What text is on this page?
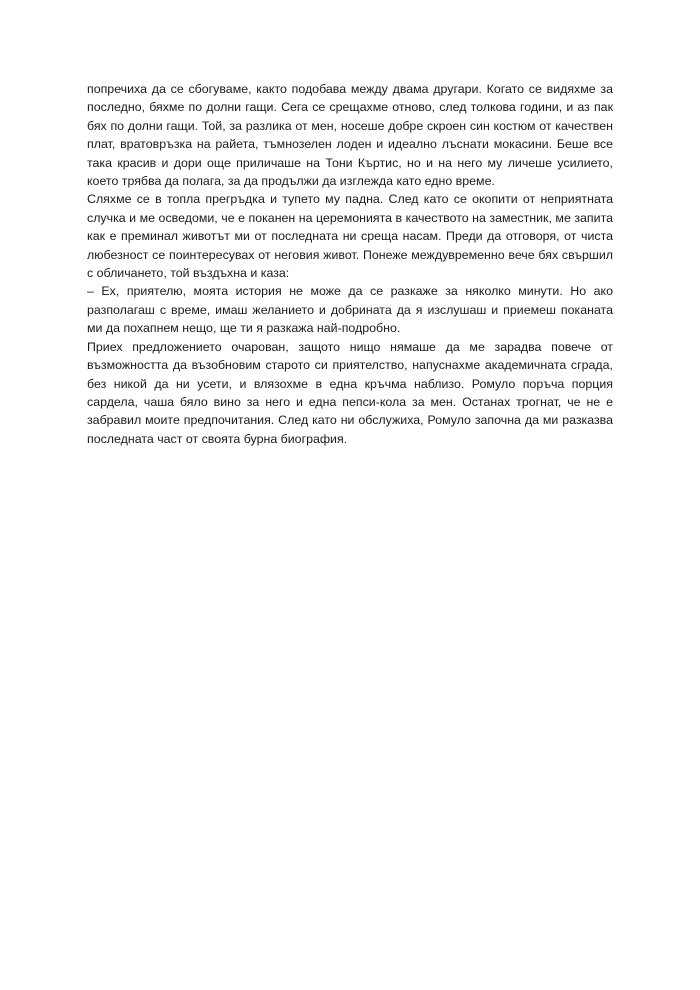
попречиха да се сбогуваме, както подобава между двама другари. Когато се видяхме за последно, бяхме по долни гащи. Сега се срещахме отново, след толкова години, и аз пак бях по долни гащи. Той, за разлика от мен, носеше добре скроен син костюм от качествен плат, вратовръзка на райета, тъмнозелен лоден и идеално лъснати мокасини. Беше все така красив и дори още приличаше на Тони Къртис, но и на него му личеше усилието, което трябва да полага, за да продължи да изглежда като едно време.

Сляхме се в топла прегръдка и тупето му падна. След като се окопити от неприятната случка и ме осведоми, че е поканен на церемонията в качеството на заместник, ме запита как е преминал животът ми от последната ни среща насам. Преди да отговоря, от чиста любезност се поинтересувах от неговия живот. Понеже междувременно вече бях свършил с обличането, той въздъхна и каза:

– Ех, приятелю, моята история не може да се разкаже за няколко минути. Но ако разполагаш с време, имаш желанието и добрината да я изслушаш и приемеш поканата ми да похапнем нещо, ще ти я разкажа най-подробно.

Приех предложението очарован, защото нищо нямаше да ме зарадва повече от възможността да възобновим старото си приятелство, напуснахме академичната сграда, без никой да ни усети, и влязохме в една кръчма наблизо. Ромуло поръча порция сардела, чаша бяло вино за него и една пепси-кола за мен. Останах трогнат, че не е забравил моите предпочитания. След като ни обслужиха, Ромуло започна да ми разказва последната част от своята бурна биография.
